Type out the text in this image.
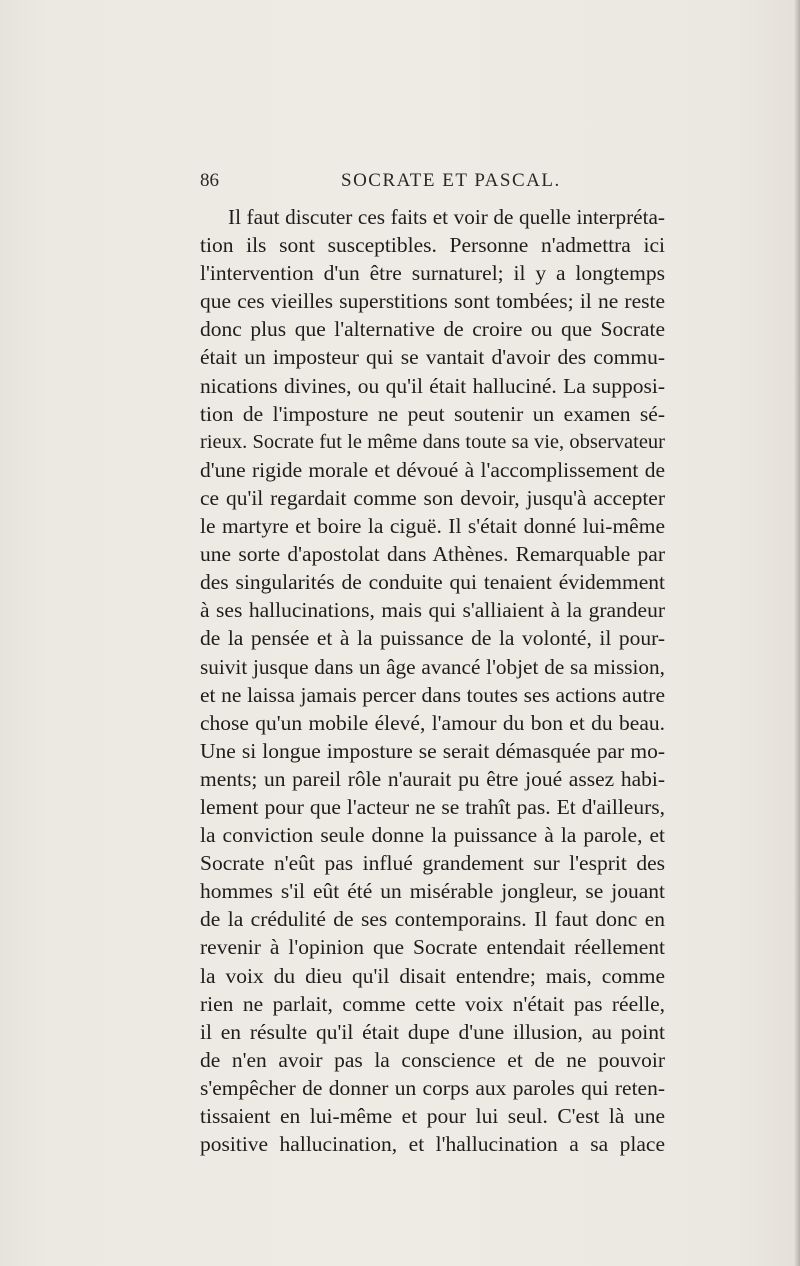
86	SOCRATE ET PASCAL.
Il faut discuter ces faits et voir de quelle interpréta-
tion ils sont susceptibles. Personne n'admettra ici
l'intervention d'un être surnaturel; il y a longtemps
que ces vieilles superstitions sont tombées; il ne reste
donc plus que l'alternative de croire ou que Socrate
était un imposteur qui se vantait d'avoir des commu-
nications divines, ou qu'il était halluciné. La supposi-
tion de l'imposture ne peut soutenir un examen sé-
rieux. Socrate fut le même dans toute sa vie, observateur
d'une rigide morale et dévoué à l'accomplissement de
ce qu'il regardait comme son devoir, jusqu'à accepter
le martyre et boire la ciguë. Il s'était donné lui-même
une sorte d'apostolat dans Athènes. Remarquable par
des singularités de conduite qui tenaient évidemment
à ses hallucinations, mais qui s'alliaient à la grandeur
de la pensée et à la puissance de la volonté, il pour-
suivit jusque dans un âge avancé l'objet de sa mission,
et ne laissa jamais percer dans toutes ses actions autre
chose qu'un mobile élevé, l'amour du bon et du beau.
Une si longue imposture se serait démasquée par mo-
ments; un pareil rôle n'aurait pu être joué assez habi-
lement pour que l'acteur ne se trahît pas. Et d'ailleurs,
la conviction seule donne la puissance à la parole, et
Socrate n'eût pas influé grandement sur l'esprit des
hommes s'il eût été un misérable jongleur, se jouant
de la crédulité de ses contemporains. Il faut donc en
revenir à l'opinion que Socrate entendait réellement
la voix du dieu qu'il disait entendre; mais, comme
rien ne parlait, comme cette voix n'était pas réelle,
il en résulte qu'il était dupe d'une illusion, au point
de n'en avoir pas la conscience et de ne pouvoir
s'empêcher de donner un corps aux paroles qui reten-
tissaient en lui-même et pour lui seul. C'est là une
positive hallucination, et l'hallucination a sa place
